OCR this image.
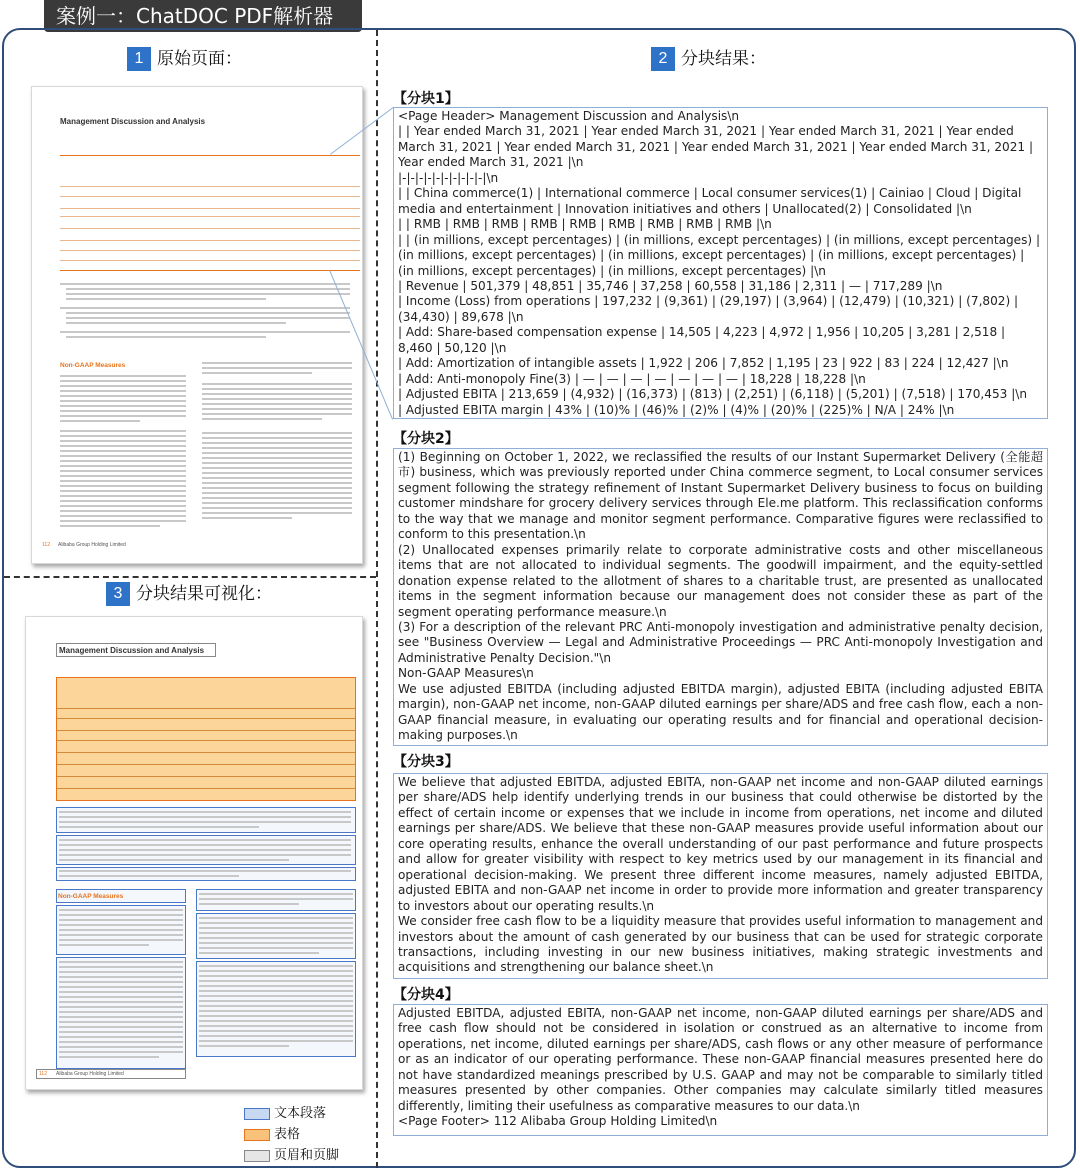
案例一：ChatDOC PDF解析器
1 原始页面：	2 分块结果：
3 分块结果可视化：
Management Discussion and Analysis
Non-GAAP Measures
112 Alibaba Group Holding Limited
Management Discussion and Analysis
Non-GAAP Measures
112 Alibaba Group Holding Limited
文本段落
表格
页眉和页脚
【分块1】
<Page Header> Management Discussion and Analysis\n
| | Year ended March 31, 2021 | Year ended March 31, 2021 | Year ended March 31, 2021 | Year ended March 31, 2021 | Year ended March 31, 2021 | Year ended March 31, 2021 | Year ended March 31, 2021 | Year ended March 31, 2021 |\n
|-|-|-|-|-|-|-|-|-|-|\n
| | China commerce(1) | International commerce | Local consumer services(1) | Cainiao | Cloud | Digital media and entertainment | Innovation initiatives and others | Unallocated(2) | Consolidated |\n
| | RMB | RMB | RMB | RMB | RMB | RMB | RMB | RMB | RMB |\n
| | (in millions, except percentages) | (in millions, except percentages) | (in millions, except percentages) | (in millions, except percentages) | (in millions, except percentages) | (in millions, except percentages) | (in millions, except percentages) | (in millions, except percentages) |\n
| Revenue | 501,379 | 48,851 | 35,746 | 37,258 | 60,558 | 31,186 | 2,311 | — | 717,289 |\n
| Income (Loss) from operations | 197,232 | (9,361) | (29,197) | (3,964) | (12,479) | (10,321) | (7,802) | (34,430) | 89,678 |\n
| Add: Share-based compensation expense | 14,505 | 4,223 | 4,972 | 1,956 | 10,205 | 3,281 | 2,518 | 8,460 | 50,120 |\n
| Add: Amortization of intangible assets | 1,922 | 206 | 7,852 | 1,195 | 23 | 922 | 83 | 224 | 12,427 |\n
| Add: Anti-monopoly Fine(3) | — | — | — | — | — | — | — | 18,228 | 18,228 |\n
| Adjusted EBITA | 213,659 | (4,932) | (16,373) | (813) | (2,251) | (6,118) | (5,201) | (7,518) | 170,453 |\n
| Adjusted EBITA margin | 43% | (10)% | (46)% | (2)% | (4)% | (20)% | (225)% | N/A | 24% |\n
【分块2】
(1) Beginning on October 1, 2022, we reclassified the results of our Instant Supermarket Delivery (全能超市) business, which was previously reported under China commerce segment, to Local consumer services segment following the strategy refinement of Instant Supermarket Delivery business to focus on building customer mindshare for grocery delivery services through Ele.me platform. This reclassification conforms to the way that we manage and monitor segment performance. Comparative figures were reclassified to conform to this presentation.\n
(2) Unallocated expenses primarily relate to corporate administrative costs and other miscellaneous items that are not allocated to individual segments. The goodwill impairment, and the equity-settled donation expense related to the allotment of shares to a charitable trust, are presented as unallocated items in the segment information because our management does not consider these as part of the segment operating performance measure.\n
(3) For a description of the relevant PRC Anti-monopoly investigation and administrative penalty decision, see "Business Overview — Legal and Administrative Proceedings — PRC Anti-monopoly Investigation and Administrative Penalty Decision."\n
Non-GAAP Measures\n
We use adjusted EBITDA (including adjusted EBITDA margin), adjusted EBITA (including adjusted EBITA margin), non-GAAP net income, non-GAAP diluted earnings per share/ADS and free cash flow, each a non-GAAP financial measure, in evaluating our operating results and for financial and operational decision-making purposes.\n
【分块3】
We believe that adjusted EBITDA, adjusted EBITA, non-GAAP net income and non-GAAP diluted earnings per share/ADS help identify underlying trends in our business that could otherwise be distorted by the effect of certain income or expenses that we include in income from operations, net income and diluted earnings per share/ADS. We believe that these non-GAAP measures provide useful information about our core operating results, enhance the overall understanding of our past performance and future prospects and allow for greater visibility with respect to key metrics used by our management in its financial and operational decision-making. We present three different income measures, namely adjusted EBITDA, adjusted EBITA and non-GAAP net income in order to provide more information and greater transparency to investors about our operating results.\n
We consider free cash flow to be a liquidity measure that provides useful information to management and investors about the amount of cash generated by our business that can be used for strategic corporate transactions, including investing in our new business initiatives, making strategic investments and acquisitions and strengthening our balance sheet.\n
【分块4】
Adjusted EBITDA, adjusted EBITA, non-GAAP net income, non-GAAP diluted earnings per share/ADS and free cash flow should not be considered in isolation or construed as an alternative to income from operations, net income, diluted earnings per share/ADS, cash flows or any other measure of performance or as an indicator of our operating performance. These non-GAAP financial measures presented here do not have standardized meanings prescribed by U.S. GAAP and may not be comparable to similarly titled measures presented by other companies. Other companies may calculate similarly titled measures differently, limiting their usefulness as comparative measures to our data.\n
<Page Footer> 112 Alibaba Group Holding Limited\n
